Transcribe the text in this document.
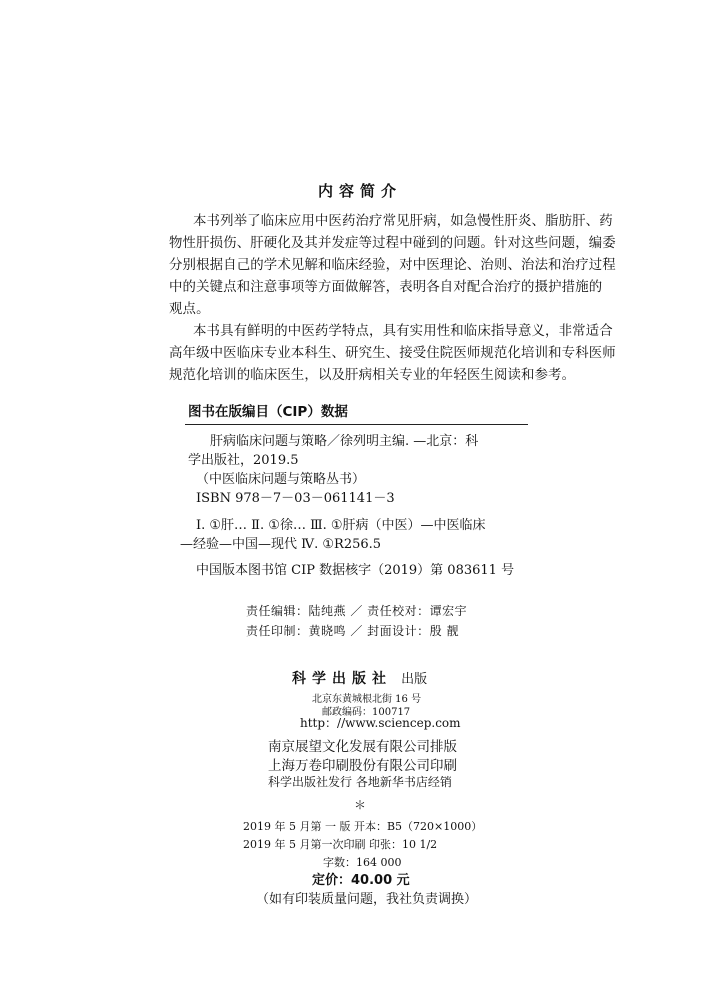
内容简介
本书列举了临床应用中医药治疗常见肝病，如急慢性肝炎、脂肪肝、药
物性肝损伤、肝硬化及其并发症等过程中碰到的问题。针对这些问题，编委
分别根据自己的学术见解和临床经验，对中医理论、治则、治法和治疗过程
中的关键点和注意事项等方面做解答，表明各自对配合治疗的摄护措施的
观点。
本书具有鲜明的中医药学特点，具有实用性和临床指导意义，非常适合
高年级中医临床专业本科生、研究生、接受住院医师规范化培训和专科医师
规范化培训的临床医生，以及肝病相关专业的年轻医生阅读和参考。
图书在版编目（CIP）数据
肝病临床问题与策略／徐列明主编. —北京：科
学出版社，2019.5
（中医临床问题与策略丛书）
ISBN 978－7－03－061141－3
Ⅰ. ①肝… Ⅱ. ①徐… Ⅲ. ①肝病（中医）—中医临床
—经验—中国—现代 Ⅳ. ①R256.5
中国版本图书馆 CIP 数据核字（2019）第 083611 号
责任编辑：陆纯燕 ／ 责任校对：谭宏宇
责任印制：黄晓鸣 ／ 封面设计：殷 靓
科学出版社 出版
北京东黄城根北街 16 号
邮政编码：100717
http：//www.sciencep.com
南京展望文化发展有限公司排版
上海万卷印刷股份有限公司印刷
科学出版社发行 各地新华书店经销
＊
2019 年 5 月第 一 版 开本：B5（720×1000）
2019 年 5 月第一次印刷 印张：10 1/2
字数：164 000
定价：40.00 元
（如有印装质量问题，我社负责调换）
